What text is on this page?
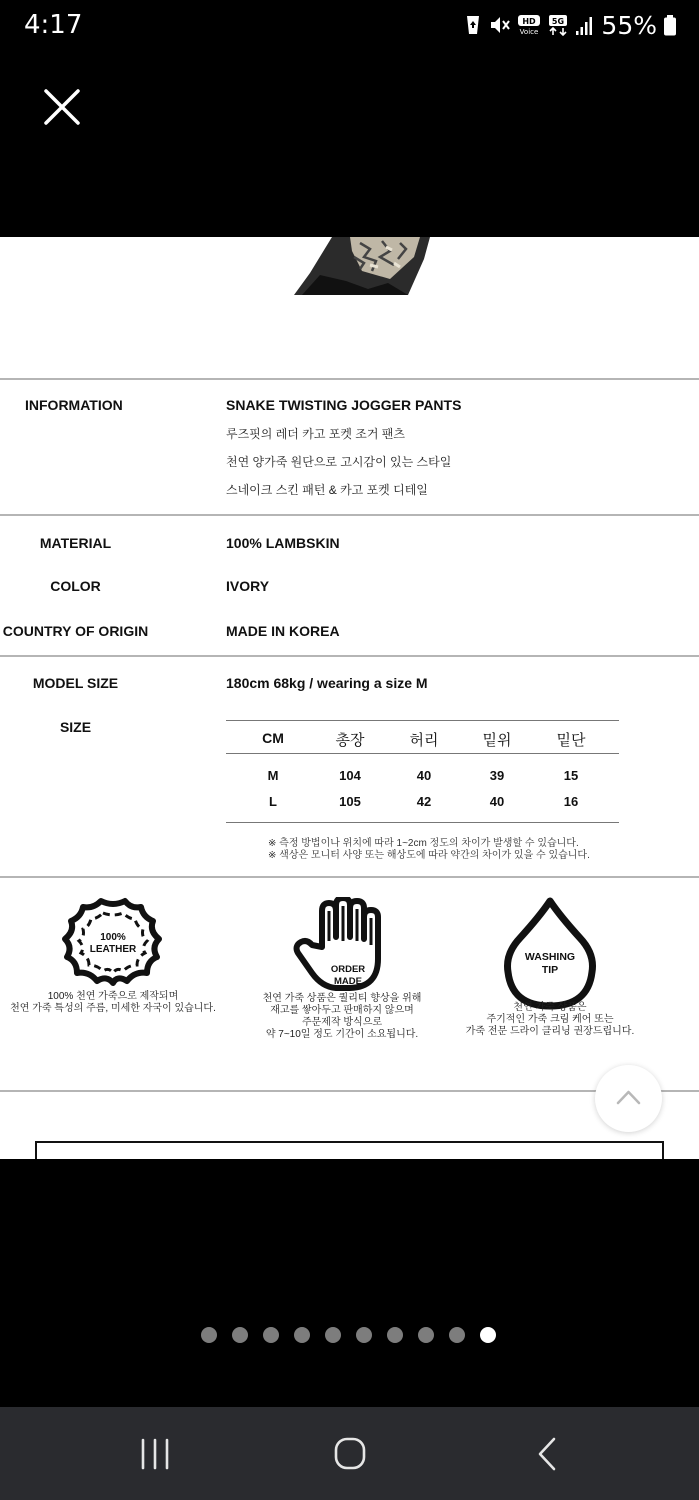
4:17	HD
Voice
5G 55%
INFORMATION	SNAKE TWISTING JOGGER PANTS
루즈핏의 레더 카고 포켓 조거 팬츠
천연 양가죽 원단으로 고시감이 있는 스타일
스네이크 스킨 패턴 & 카고 포켓 디테일
MATERIAL	100% LAMBSKIN
COLOR	IVORY
COUNTRY OF ORIGIN	MADE IN KOREA
MODEL SIZE	180cm 68kg / wearing a size M
SIZE
CM	총장	허리	밑위	밑단
M	104	40	39	15
L	105	42	40	16
※ 측정 방법이나 위치에 따라 1~2cm 정도의 차이가 발생할 수 있습니다.
※ 색상은 모니터 사양 또는 해상도에 따라 약간의 차이가 있을 수 있습니다.
100%
LEATHER
100% 천연 가죽으로 제작되며
천연 가죽 특성의 주름, 미세한 자국이 있습니다.
ORDER
MADE
천연 가죽 상품은 퀄리티 향상을 위해
재고를 쌓아두고 판매하지 않으며
주문제작 방식으로
약 7~10일 정도 기간이 소요됩니다.
WASHING
TIP
천연 가죽 상품은
주기적인 가죽 크림 케어 또는
가죽 전문 드라이 클리닝 권장드립니다.
